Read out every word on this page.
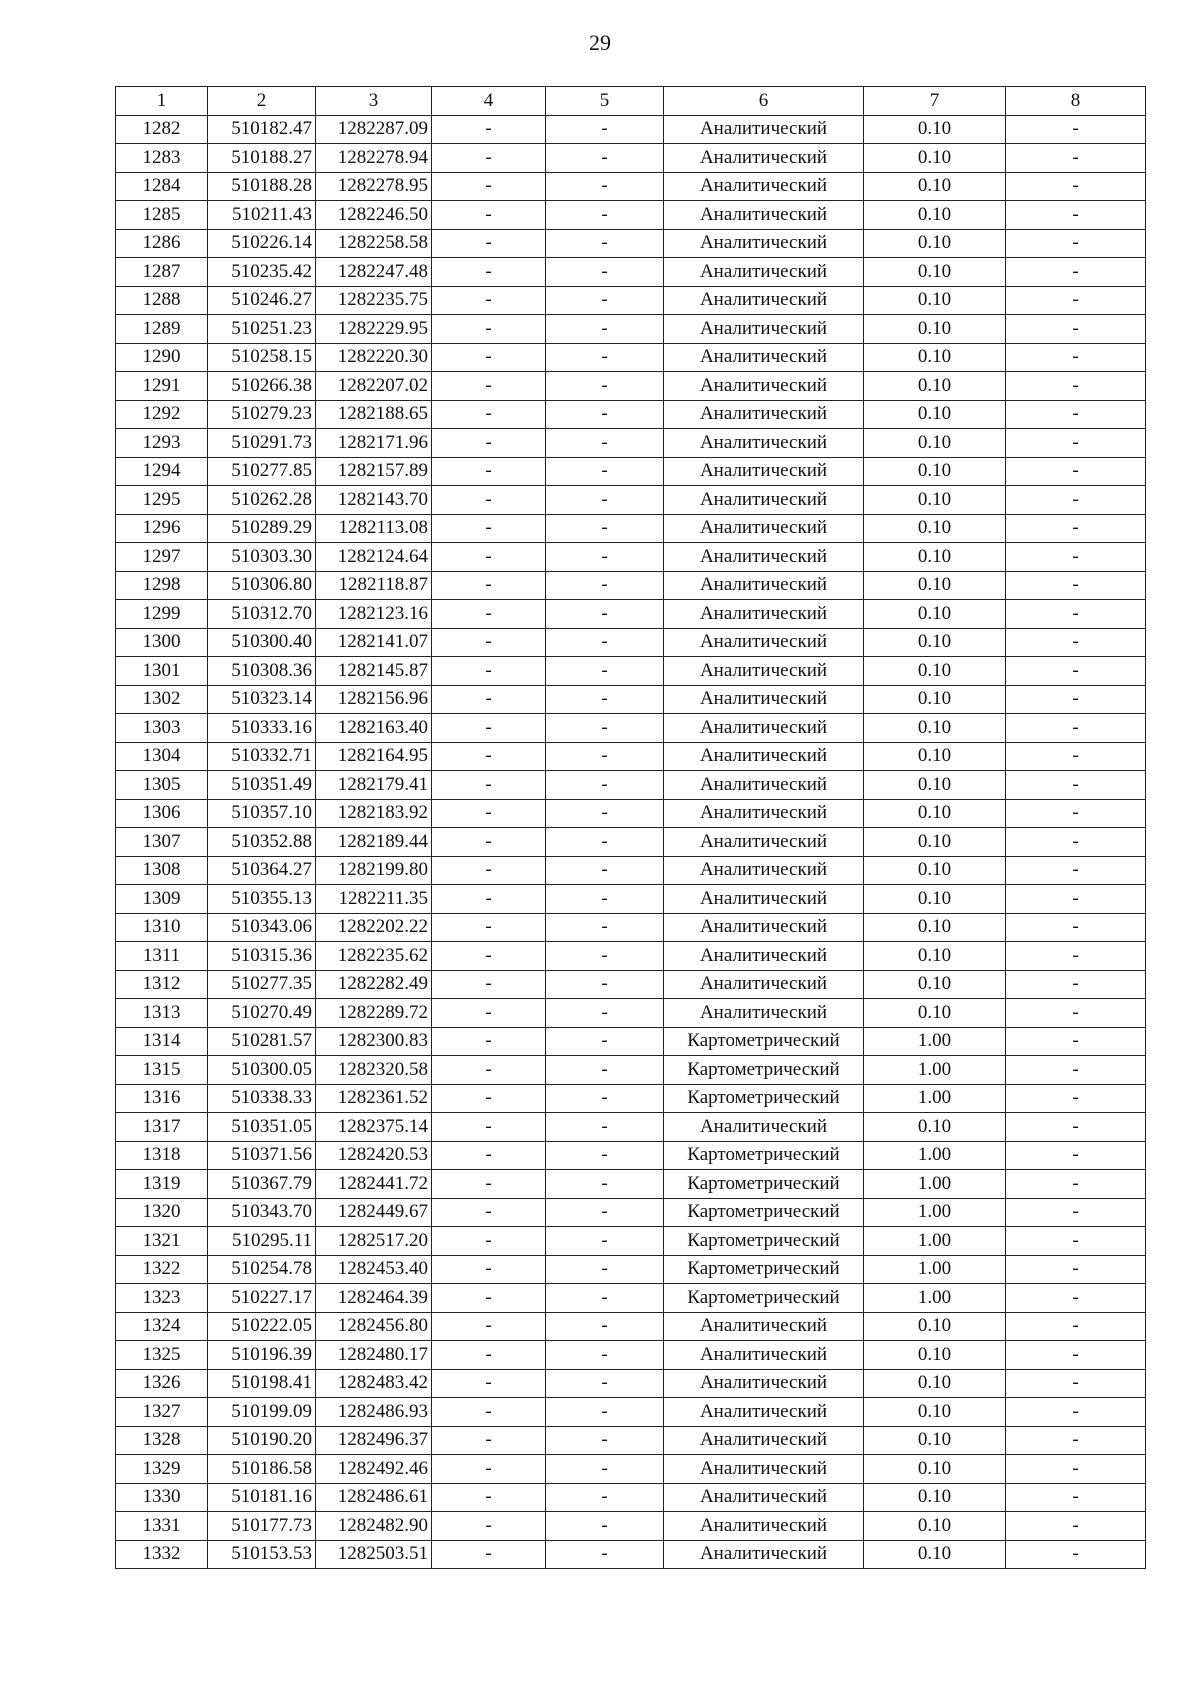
29
1	2	3	4	5	6	7	8
1282	510182.47	1282287.09	-	-	Аналитический	0.10	-
1283	510188.27	1282278.94	-	-	Аналитический	0.10	-
1284	510188.28	1282278.95	-	-	Аналитический	0.10	-
1285	510211.43	1282246.50	-	-	Аналитический	0.10	-
1286	510226.14	1282258.58	-	-	Аналитический	0.10	-
1287	510235.42	1282247.48	-	-	Аналитический	0.10	-
1288	510246.27	1282235.75	-	-	Аналитический	0.10	-
1289	510251.23	1282229.95	-	-	Аналитический	0.10	-
1290	510258.15	1282220.30	-	-	Аналитический	0.10	-
1291	510266.38	1282207.02	-	-	Аналитический	0.10	-
1292	510279.23	1282188.65	-	-	Аналитический	0.10	-
1293	510291.73	1282171.96	-	-	Аналитический	0.10	-
1294	510277.85	1282157.89	-	-	Аналитический	0.10	-
1295	510262.28	1282143.70	-	-	Аналитический	0.10	-
1296	510289.29	1282113.08	-	-	Аналитический	0.10	-
1297	510303.30	1282124.64	-	-	Аналитический	0.10	-
1298	510306.80	1282118.87	-	-	Аналитический	0.10	-
1299	510312.70	1282123.16	-	-	Аналитический	0.10	-
1300	510300.40	1282141.07	-	-	Аналитический	0.10	-
1301	510308.36	1282145.87	-	-	Аналитический	0.10	-
1302	510323.14	1282156.96	-	-	Аналитический	0.10	-
1303	510333.16	1282163.40	-	-	Аналитический	0.10	-
1304	510332.71	1282164.95	-	-	Аналитический	0.10	-
1305	510351.49	1282179.41	-	-	Аналитический	0.10	-
1306	510357.10	1282183.92	-	-	Аналитический	0.10	-
1307	510352.88	1282189.44	-	-	Аналитический	0.10	-
1308	510364.27	1282199.80	-	-	Аналитический	0.10	-
1309	510355.13	1282211.35	-	-	Аналитический	0.10	-
1310	510343.06	1282202.22	-	-	Аналитический	0.10	-
1311	510315.36	1282235.62	-	-	Аналитический	0.10	-
1312	510277.35	1282282.49	-	-	Аналитический	0.10	-
1313	510270.49	1282289.72	-	-	Аналитический	0.10	-
1314	510281.57	1282300.83	-	-	Картометрический	1.00	-
1315	510300.05	1282320.58	-	-	Картометрический	1.00	-
1316	510338.33	1282361.52	-	-	Картометрический	1.00	-
1317	510351.05	1282375.14	-	-	Аналитический	0.10	-
1318	510371.56	1282420.53	-	-	Картометрический	1.00	-
1319	510367.79	1282441.72	-	-	Картометрический	1.00	-
1320	510343.70	1282449.67	-	-	Картометрический	1.00	-
1321	510295.11	1282517.20	-	-	Картометрический	1.00	-
1322	510254.78	1282453.40	-	-	Картометрический	1.00	-
1323	510227.17	1282464.39	-	-	Картометрический	1.00	-
1324	510222.05	1282456.80	-	-	Аналитический	0.10	-
1325	510196.39	1282480.17	-	-	Аналитический	0.10	-
1326	510198.41	1282483.42	-	-	Аналитический	0.10	-
1327	510199.09	1282486.93	-	-	Аналитический	0.10	-
1328	510190.20	1282496.37	-	-	Аналитический	0.10	-
1329	510186.58	1282492.46	-	-	Аналитический	0.10	-
1330	510181.16	1282486.61	-	-	Аналитический	0.10	-
1331	510177.73	1282482.90	-	-	Аналитический	0.10	-
1332	510153.53	1282503.51	-	-	Аналитический	0.10	-
